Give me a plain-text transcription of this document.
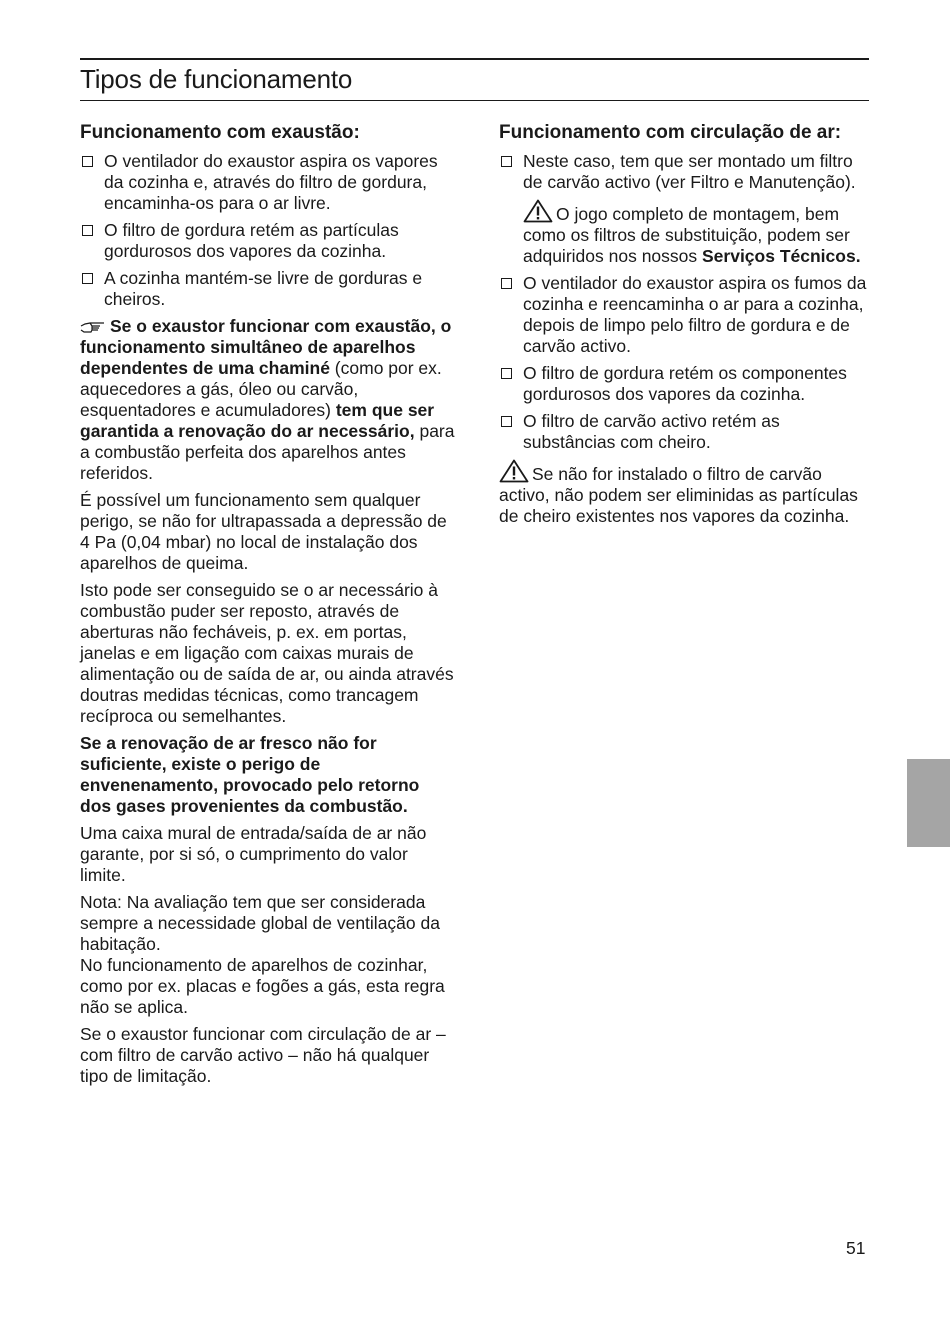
Tipos de funcionamento
Funcionamento com exaustão:
O ventilador do exaustor aspira os vapores da cozinha e, através do filtro de gordura, encaminha-os para o ar livre.
O filtro de gordura retém as partículas gordurosos dos vapores da cozinha.
A cozinha mantém-se livre de gorduras e cheiros.

Se o exaustor funcionar com exaustão, o funcionamento simultâneo de aparelhos dependentes de uma chaminé (como por ex. aquecedores a gás, óleo ou carvão, esquentadores e acumuladores) tem que ser garantida a renovação do ar necessário, para a combustão perfeita dos aparelhos antes referidos.

É possível um funcionamento sem qualquer perigo, se não for ultrapassada a depressão de 4 Pa (0,04 mbar) no local de instalação dos aparelhos de queima.

Isto pode ser conseguido se o ar necessário à combustão puder ser reposto, através de aberturas não fecháveis, p. ex. em portas, janelas e em ligação com caixas murais de alimentação ou de saída de ar, ou ainda através doutras medidas técnicas, como trancagem recíproca ou semelhantes.

Se a renovação de ar fresco não for suficiente, existe o perigo de envenenamento, provocado pelo retorno dos gases provenientes da combustão.

Uma caixa mural de entrada/saída de ar não garante, por si só, o cumprimento do valor limite.

Nota: Na avaliação tem que ser considerada sempre a necessidade global de ventilação da habitação.
No funcionamento de aparelhos de cozinhar, como por ex. placas e fogões a gás, esta regra não se aplica.

Se o exaustor funcionar com circulação de ar – com filtro de carvão activo – não há qualquer tipo de limitação.

Funcionamento com circulação de ar:
Neste caso, tem que ser montado um filtro de carvão activo (ver Filtro e Manutenção).

O jogo completo de montagem, bem como os filtros de substituição, podem ser adquiridos nos nossos Serviços Técnicos.

O ventilador do exaustor aspira os fumos da cozinha e reencaminha o ar para a cozinha, depois de limpo pelo filtro de gordura e de carvão activo.
O filtro de gordura retém os componentes gordurosos dos vapores da cozinha.
O filtro de carvão activo retém as substâncias com cheiro.

Se não for instalado o filtro de carvão activo, não podem ser eliminidas as partículas de cheiro existentes nos vapores da cozinha.

51
